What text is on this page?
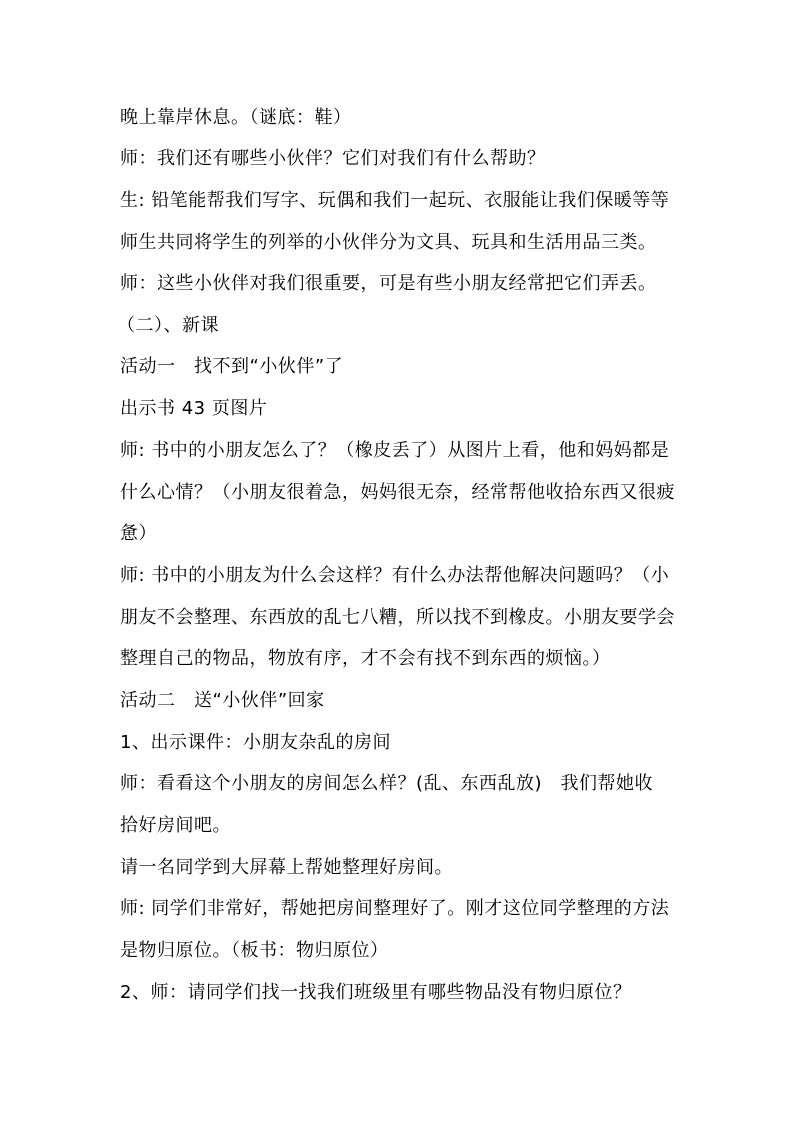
晚上靠岸休息。（谜底：鞋）
师：我们还有哪些小伙伴？它们对我们有什么帮助？
生: 铅笔能帮我们写字、玩偶和我们一起玩、衣服能让我们保暖等等
师生共同将学生的列举的小伙伴分为文具、玩具和生活用品三类。
师：这些小伙伴对我们很重要，可是有些小朋友经常把它们弄丢。
（二）、新课
活动一　找不到“小伙伴”了
出示书 43 页图片
师: 书中的小朋友怎么了？（橡皮丢了）从图片上看，他和妈妈都是
什么心情？（小朋友很着急，妈妈很无奈，经常帮他收拾东西又很疲
惫）
师: 书中的小朋友为什么会这样？有什么办法帮他解决问题吗？（小
朋友不会整理、东西放的乱七八糟，所以找不到橡皮。小朋友要学会
整理自己的物品，物放有序，才不会有找不到东西的烦恼。）
活动二　送“小伙伴”回家
1、出示课件：小朋友杂乱的房间
师：看看这个小朋友的房间怎么样？(乱、东西乱放)　我们帮她收
拾好房间吧。
请一名同学到大屏幕上帮她整理好房间。
师: 同学们非常好，帮她把房间整理好了。刚才这位同学整理的方法
是物归原位。（板书：物归原位）
2、师：请同学们找一找我们班级里有哪些物品没有物归原位？
